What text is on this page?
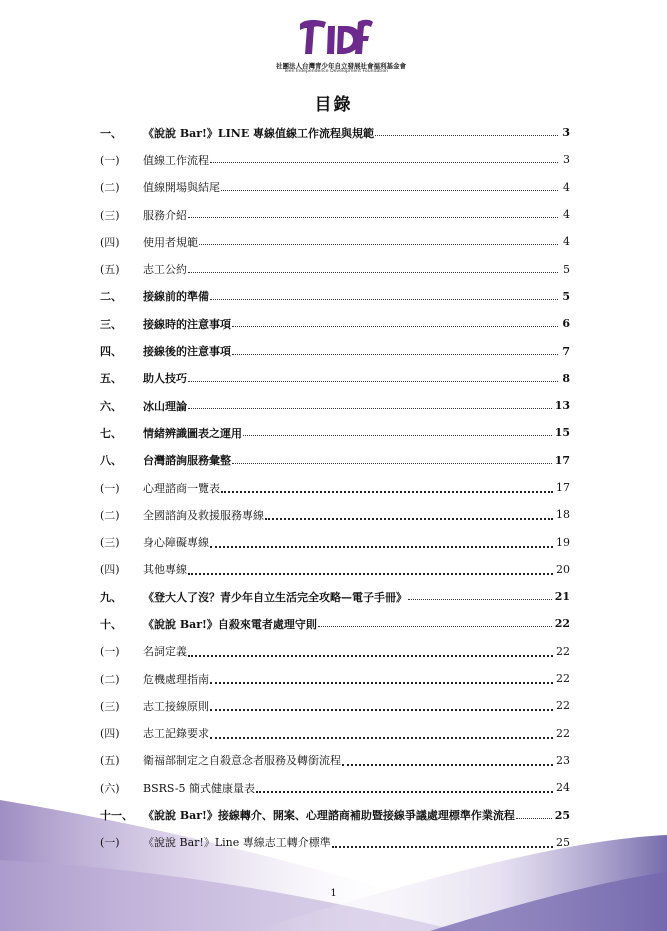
社團法人台灣青少年自立發展社會福利基金會
Teen Independence Development Foundation
目錄
一、	《說說 Bar!》LINE 專線值線工作流程與規範	3
(一)	值線工作流程	3
(二)	值線開場與結尾	4
(三)	服務介紹	4
(四)	使用者規範	4
(五)	志工公約	5
二、	接線前的準備	5
三、	接線時的注意事項	6
四、	接線後的注意事項	7
五、	助人技巧	8
六、	冰山理論	13
七、	情緒辨識圖表之運用	15
八、	台灣諮詢服務彙整	17
(一)	心理諮商一覽表	17
(二)	全國諮詢及救援服務專線	18
(三)	身心障礙專線	19
(四)	其他專線	20
九、	《登大人了沒？青少年自立生活完全攻略—電子手冊》	21
十、	《說說 Bar!》自殺來電者處理守則	22
(一)	名詞定義	22
(二)	危機處理指南	22
(三)	志工接線原則	22
(四)	志工記錄要求	22
(五)	衛福部制定之自殺意念者服務及轉銜流程	23
(六)	BSRS-5 簡式健康量表	24
十一、 《說說 Bar!》接線轉介、開案、心理諮商補助暨接線爭議處理標準作業流程	25
(一)	《說說 Bar!》Line 專線志工轉介標準	25
1
